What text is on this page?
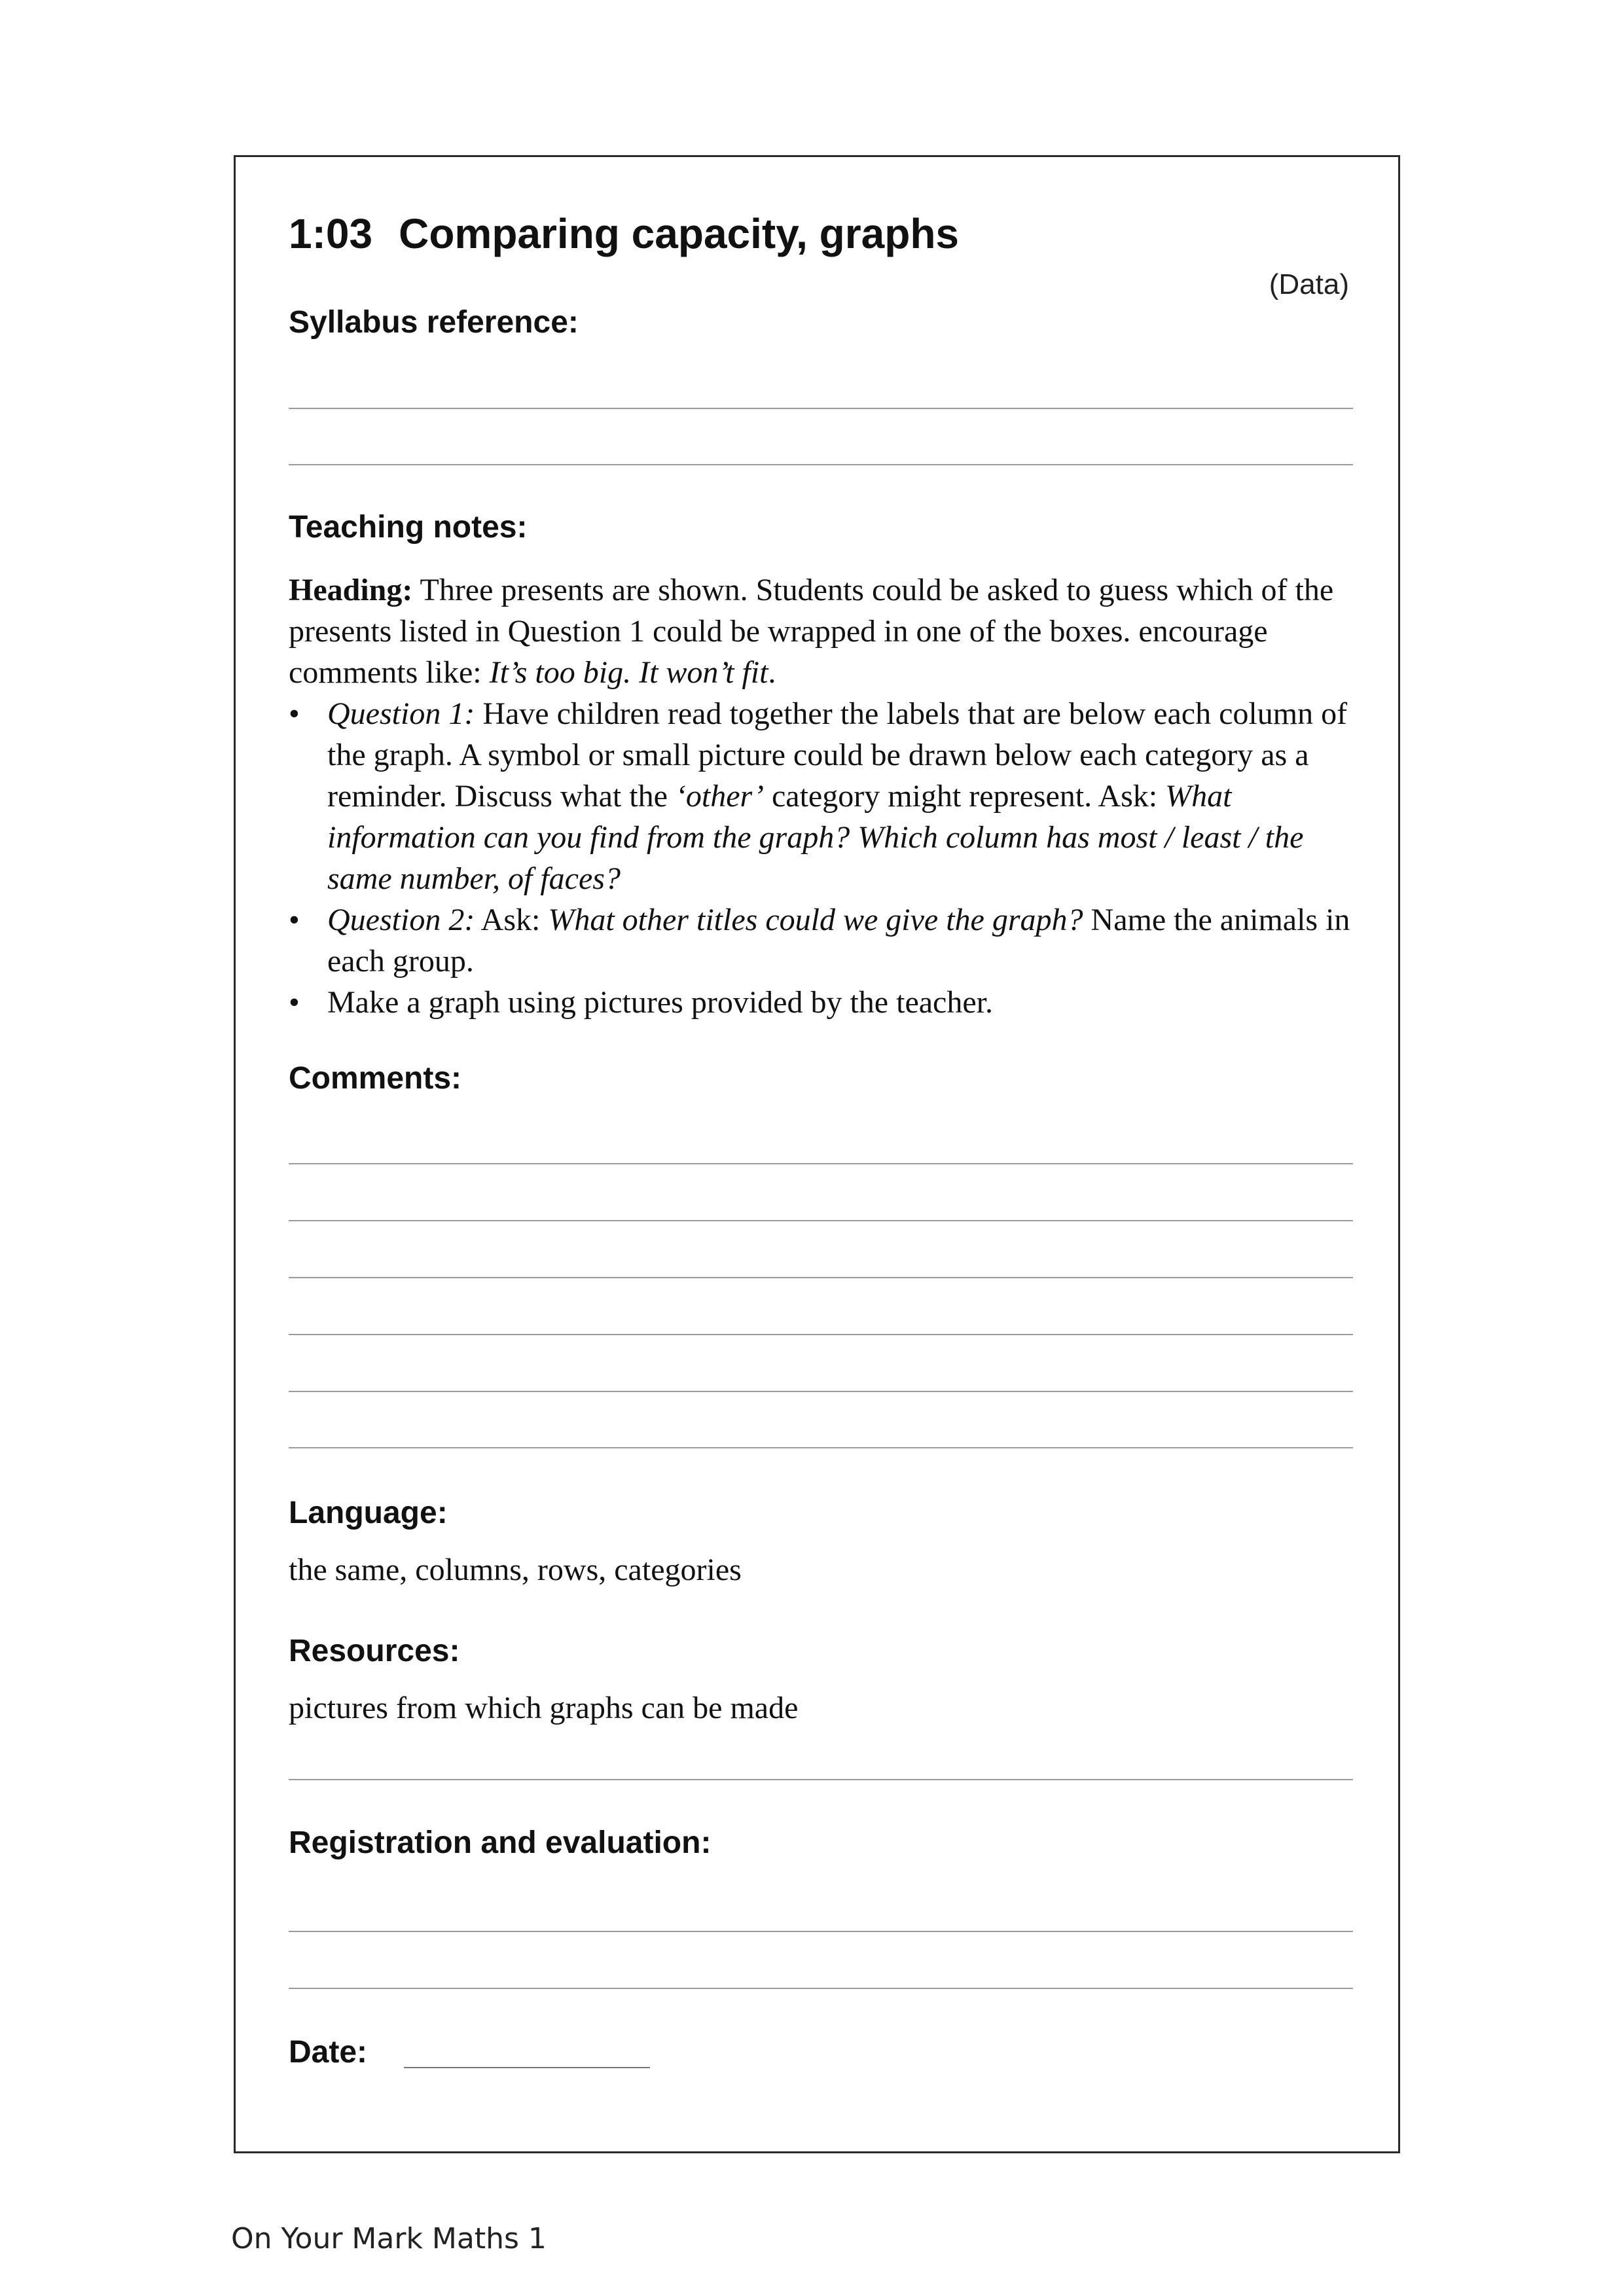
1:03 Comparing capacity, graphs
(Data)
Syllabus reference:
Teaching notes:

Heading: Three presents are shown. Students could be asked to guess which of the presents listed in Question 1 could be wrapped in one of the boxes. encourage comments like: It’s too big. It won’t fit.

• Question 1: Have children read together the labels that are below each column of the graph. A symbol or small picture could be drawn below each category as a reminder. Discuss what the ‘other’ category might represent. Ask: What information can you find from the graph? Which column has most / least / the same number, of faces?
• Question 2: Ask: What other titles could we give the graph? Name the animals in each group.
• Make a graph using pictures provided by the teacher.
Comments:
Language:
the same, columns, rows, categories
Resources:
pictures from which graphs can be made
Registration and evaluation:
Date:
On Your Mark Maths 1
